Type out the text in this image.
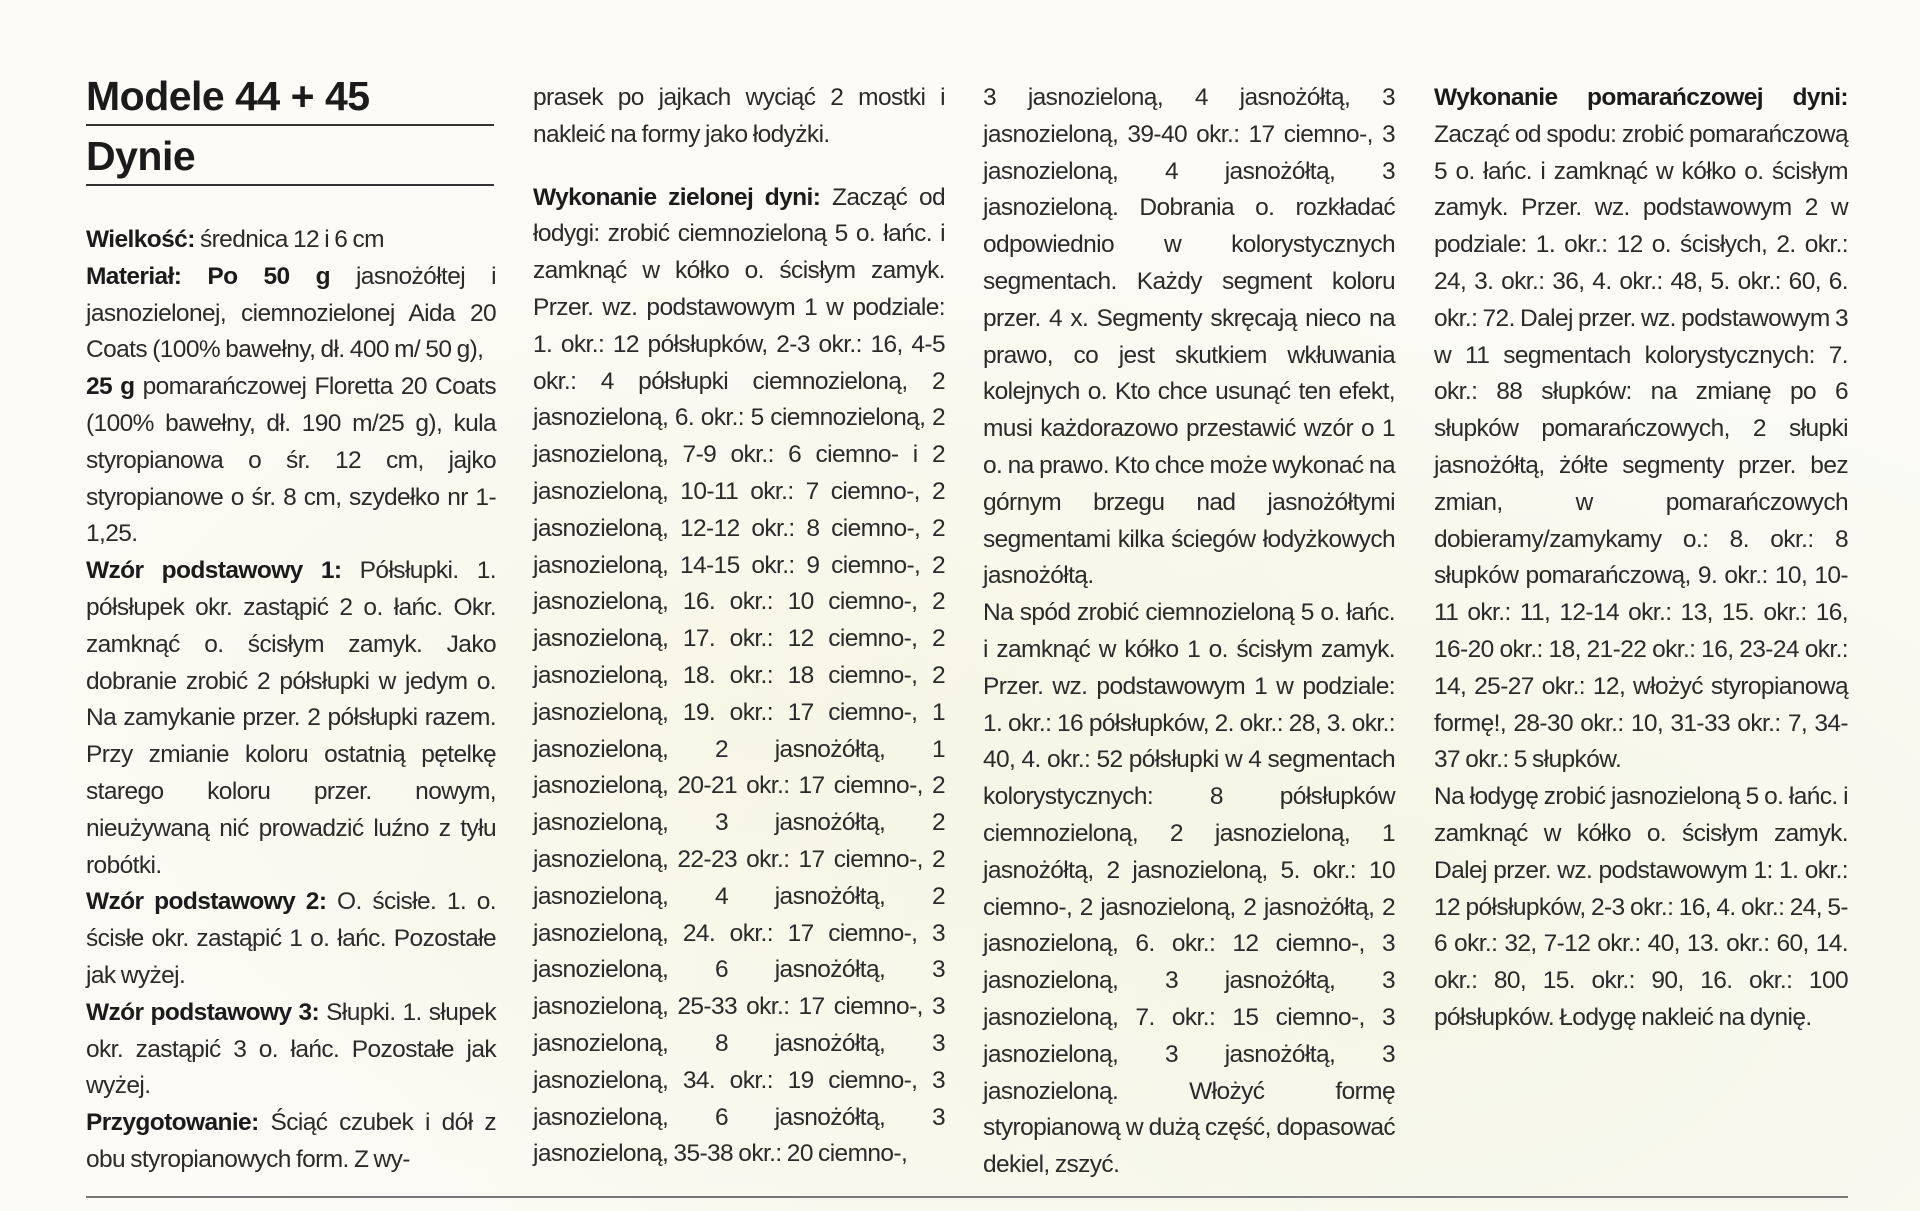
Modele 44 + 45
Dynie

Wielkość: średnica 12 i 6 cm

Materiał: Po 50 g jasnożółtej i jasnozielonej, ciemnozielonej Aida 20 Coats (100% bawełny, dł. 400 m/ 50 g),

25 g pomarańczowej Floretta 20 Coats (100% bawełny, dł. 190 m/25 g), kula styropianowa o śr. 12 cm, jajko styropianowe o śr. 8 cm, szydełko nr 1-1,25.

Wzór podstawowy 1: Półsłupki. 1. półsłupek okr. zastąpić 2 o. łańc. Okr. zamknąć o. ścisłym zamyk. Jako dobranie zrobić 2 półsłupki w jedym o. Na zamykanie przer. 2 półsłupki razem. Przy zmianie koloru ostatnią pętelkę starego koloru przer. nowym, nieużywaną nić prowadzić luźno z tyłu robótki.

Wzór podstawowy 2: O. ścisłe. 1. o. ścisłe okr. zastąpić 1 o. łańc. Pozostałe jak wyżej.

Wzór podstawowy 3: Słupki. 1. słupek okr. zastąpić 3 o. łańc. Pozostałe jak wyżej.

Przygotowanie: Ściąć czubek i dół z obu styropianowych form. Z wy-

prasek po jajkach wyciąć 2 mostki i nakleić na formy jako łodyżki.

Wykonanie zielonej dyni: Zacząć od łodygi: zrobić ciemnozieloną 5 o. łańc. i zamknąć w kółko o. ścisłym zamyk. Przer. wz. podstawowym 1 w podziale: 1. okr.: 12 półsłupków, 2-3 okr.: 16, 4-5 okr.: 4 półsłupki ciemnozieloną, 2 jasnozieloną, 6. okr.: 5 ciemnozieloną, 2 jasnozieloną, 7-9 okr.: 6 ciemno- i 2 jasnozieloną, 10-11 okr.: 7 ciemno-, 2 jasnozieloną, 12-12 okr.: 8 ciemno-, 2 jasnozieloną, 14-15 okr.: 9 ciemno-, 2 jasnozieloną, 16. okr.: 10 ciemno-, 2 jasnozieloną, 17. okr.: 12 ciemno-, 2 jasnozieloną, 18. okr.: 18 ciemno-, 2 jasnozieloną, 19. okr.: 17 ciemno-, 1 jasnozieloną, 2 jasnożółtą, 1 jasnozieloną, 20-21 okr.: 17 ciemno-, 2 jasnozieloną, 3 jasnożółtą, 2 jasnozieloną, 22-23 okr.: 17 ciemno-, 2 jasnozieloną, 4 jasnożółtą, 2 jasnozieloną, 24. okr.: 17 ciemno-, 3 jasnozieloną, 6 jasnożółtą, 3 jasnozieloną, 25-33 okr.: 17 ciemno-, 3 jasnozieloną, 8 jasnożółtą, 3 jasnozieloną, 34. okr.: 19 ciemno-, 3 jasnozieloną, 6 jasnożółtą, 3 jasnozieloną, 35-38 okr.: 20 ciemno-,

3 jasnozieloną, 4 jasnożółtą, 3 jasnozieloną, 39-40 okr.: 17 ciemno-, 3 jasnozieloną, 4 jasnożółtą, 3 jasnozieloną. Dobrania o. rozkładać odpowiednio w kolorystycznych segmentach. Każdy segment koloru przer. 4 x. Segmenty skręcają nieco na prawo, co jest skutkiem wkłuwania kolejnych o. Kto chce usunąć ten efekt, musi każdorazowo przestawić wzór o 1 o. na prawo. Kto chce może wykonać na górnym brzegu nad jasnożółtymi segmentami kilka ściegów łodyżkowych jasnożółtą.

Na spód zrobić ciemnozieloną 5 o. łańc. i zamknąć w kółko 1 o. ścisłym zamyk. Przer. wz. podstawowym 1 w podziale: 1. okr.: 16 półsłupków, 2. okr.: 28, 3. okr.: 40, 4. okr.: 52 półsłupki w 4 segmentach kolorystycznych: 8 półsłupków ciemnozieloną, 2 jasnozieloną, 1 jasnożółtą, 2 jasnozieloną, 5. okr.: 10 ciemno-, 2 jasnozieloną, 2 jasnożółtą, 2 jasnozieloną, 6. okr.: 12 ciemno-, 3 jasnozieloną, 3 jasnożółtą, 3 jasnozieloną, 7. okr.: 15 ciemno-, 3 jasnozieloną, 3 jasnożółtą, 3 jasnozieloną. Włożyć formę styropianową w dużą część, dopasować dekiel, zszyć.

Wykonanie pomarańczowej dyni: Zacząć od spodu: zrobić pomarańczową 5 o. łańc. i zamknąć w kółko o. ścisłym zamyk. Przer. wz. podstawowym 2 w podziale: 1. okr.: 12 o. ścisłych, 2. okr.: 24, 3. okr.: 36, 4. okr.: 48, 5. okr.: 60, 6. okr.: 72. Dalej przer. wz. podstawowym 3 w 11 segmentach kolorystycznych: 7. okr.: 88 słupków: na zmianę po 6 słupków pomarańczowych, 2 słupki jasnożółtą, żółte segmenty przer. bez zmian, w pomarańczowych dobieramy/zamykamy o.: 8. okr.: 8 słupków pomarańczową, 9. okr.: 10, 10-11 okr.: 11, 12-14 okr.: 13, 15. okr.: 16, 16-20 okr.: 18, 21-22 okr.: 16, 23-24 okr.: 14, 25-27 okr.: 12, włożyć styropianową formę!, 28-30 okr.: 10, 31-33 okr.: 7, 34-37 okr.: 5 słupków.

Na łodygę zrobić jasnozieloną 5 o. łańc. i zamknąć w kółko o. ścisłym zamyk. Dalej przer. wz. podstawowym 1: 1. okr.: 12 półsłupków, 2-3 okr.: 16, 4. okr.: 24, 5-6 okr.: 32, 7-12 okr.: 40, 13. okr.: 60, 14. okr.: 80, 15. okr.: 90, 16. okr.: 100 półsłupków. Łodygę nakleić na dynię.
